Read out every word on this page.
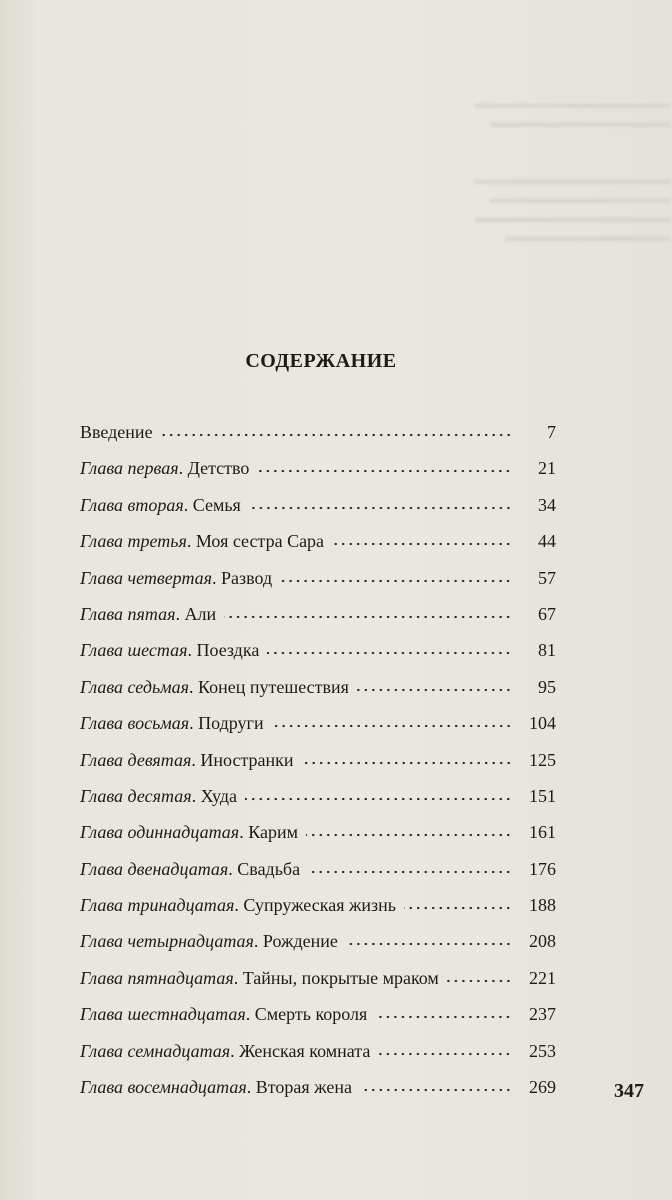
▬▬▬▬▬▬▬▬▬▬▬▬▬
▬▬▬▬▬▬▬▬▬▬▬▬
▬▬▬▬▬▬▬▬▬▬▬▬▬
▬▬▬▬▬▬▬▬▬▬▬▬
▬▬▬▬▬▬▬▬▬▬▬▬▬
▬▬▬▬▬▬▬▬▬▬▬
СОДЕРЖАНИЕ
Введение	7
Глава первая. Детство	21
Глава вторая. Семья	34
Глава третья. Моя сестра Сара	44
Глава четвертая. Развод	57
Глава пятая. Али	67
Глава шестая. Поездка	81
Глава седьмая. Конец путешествия	95
Глава восьмая. Подруги	104
Глава девятая. Иностранки	125
Глава десятая. Худа	151
Глава одиннадцатая. Карим	161
Глава двенадцатая. Свадьба	176
Глава тринадцатая. Супружеская жизнь	188
Глава четырнадцатая. Рождение	208
Глава пятнадцатая. Тайны, покрытые мраком	221
Глава шестнадцатая. Смерть короля	237
Глава семнадцатая. Женская комната	253
Глава восемнадцатая. Вторая жена	269	347
